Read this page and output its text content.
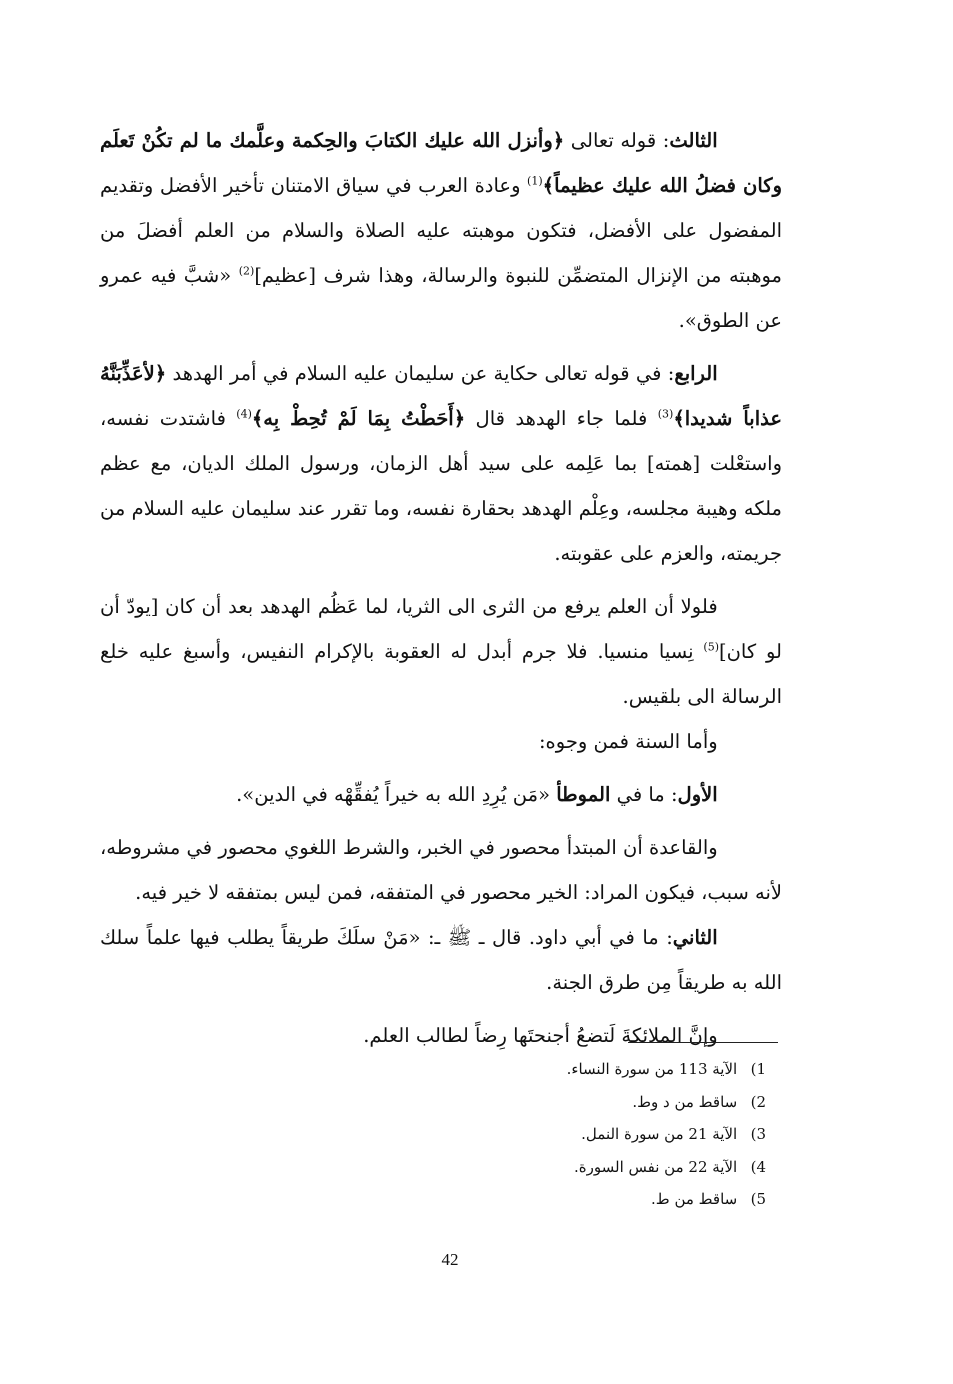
الثالث: قوله تعالى ﴿وأنزل الله عليك الكتابَ والحِكمة وعلَّمك ما لم تكُنْ تَعلَم وكان فضلُ الله عليك عظيماً﴾$^{(1)}$ وعادة العرب في سياق الامتنان تأخير الأفضل وتقديم المفضول على الأفضل، فتكون موهبته عليه الصلاة والسلام من العلم أفضلَ من موهبته من الإنزال المتضمِّن للنبوة والرسالة، وهذا شرف [عظيم]$^{(2)}$ «شبَّ فيه عمرو عن الطوق».

الرابع: في قوله تعالى حكاية عن سليمان عليه السلام في أمر الهدهد ﴿لأعَذِّبَنَّهُ عذاباً شديدا﴾$^{(3)}$ فلما جاء الهدهد قال ﴿أَحَطْتُ بِمَا لَمْ تُحِطْ بِه﴾$^{(4)}$ فاشتدت نفسه، واستعْلت [همته] بما عَلِمه على سيد أهل الزمان، ورسول الملك الديان، مع عظم ملكه وهيبة مجلسه، وعِلْم الهدهد بحقارة نفسه، وما تقرر عند سليمان عليه السلام من جريمته، والعزم على عقوبته.

فلولا أن العلم يرفع من الثرى الى الثريا، لما عَظُم الهدهد بعد أن كان [يودّ أن لو كان]$^{(5)}$ نِسيا منسيا. فلا جرم أبدل له العقوبة بالإكرام النفيس، وأسبغ عليه خلع الرسالة الى بلقيس.

وأما السنة فمن وجوه:

الأول: ما في الموطأ «مَن يُرِدِ الله به خيراً يُفقِّهْه في الدين».

والقاعدة أن المبتدأ محصور في الخبر، والشرط اللغوي محصور في مشروطه، لأنه سبب، فيكون المراد: الخير محصور في المتفقه، فمن ليس بمتفقه لا خير فيه.

الثاني: ما في أبي داود. قال ـ ﷺ ـ: «مَنْ سلَكَ طريقاً يطلب فيها علماً سلك الله به طريقاً مِن طرق الجنة.

وإنَّ الملائكةَ لَتضعُ أجنحتَها رِضاً لطالب العلم.

1) الآية 113 من سورة النساء.
2) ساقط من د وط.
3) الآية 21 من سورة النمل.
4) الآية 22 من نفس السورة.
5) ساقط من ط.
42
